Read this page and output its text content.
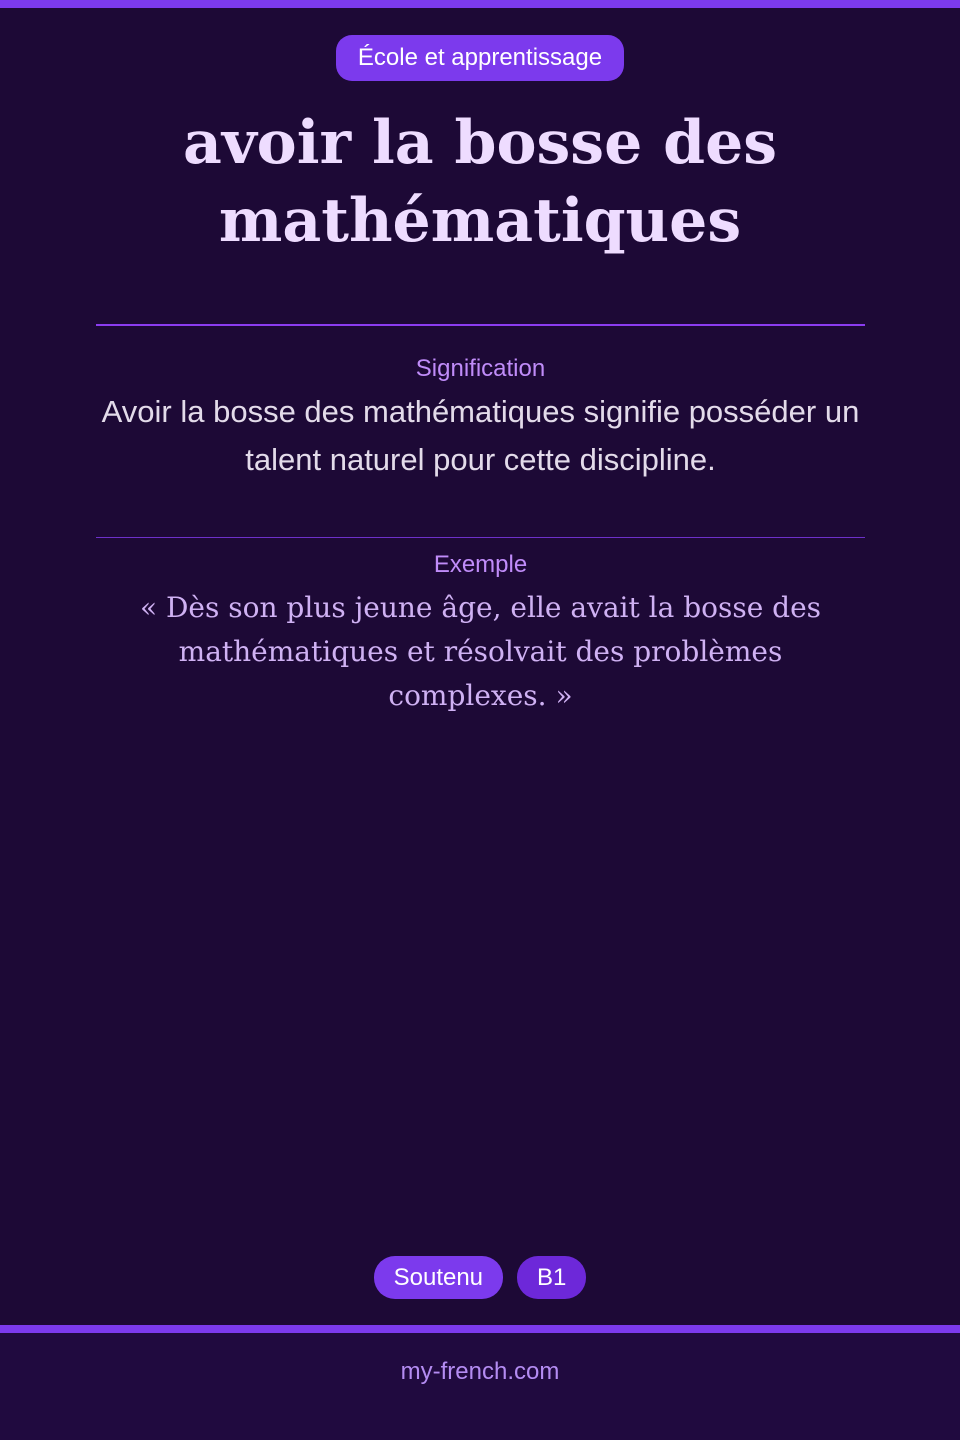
École et apprentissage
avoir la bosse des mathématiques
Signification

Avoir la bosse des mathématiques signifie posséder un talent naturel pour cette discipline.

Exemple

« Dès son plus jeune âge, elle avait la bosse des mathématiques et résolvait des problèmes complexes. »

Soutenu B1
my-french.com
